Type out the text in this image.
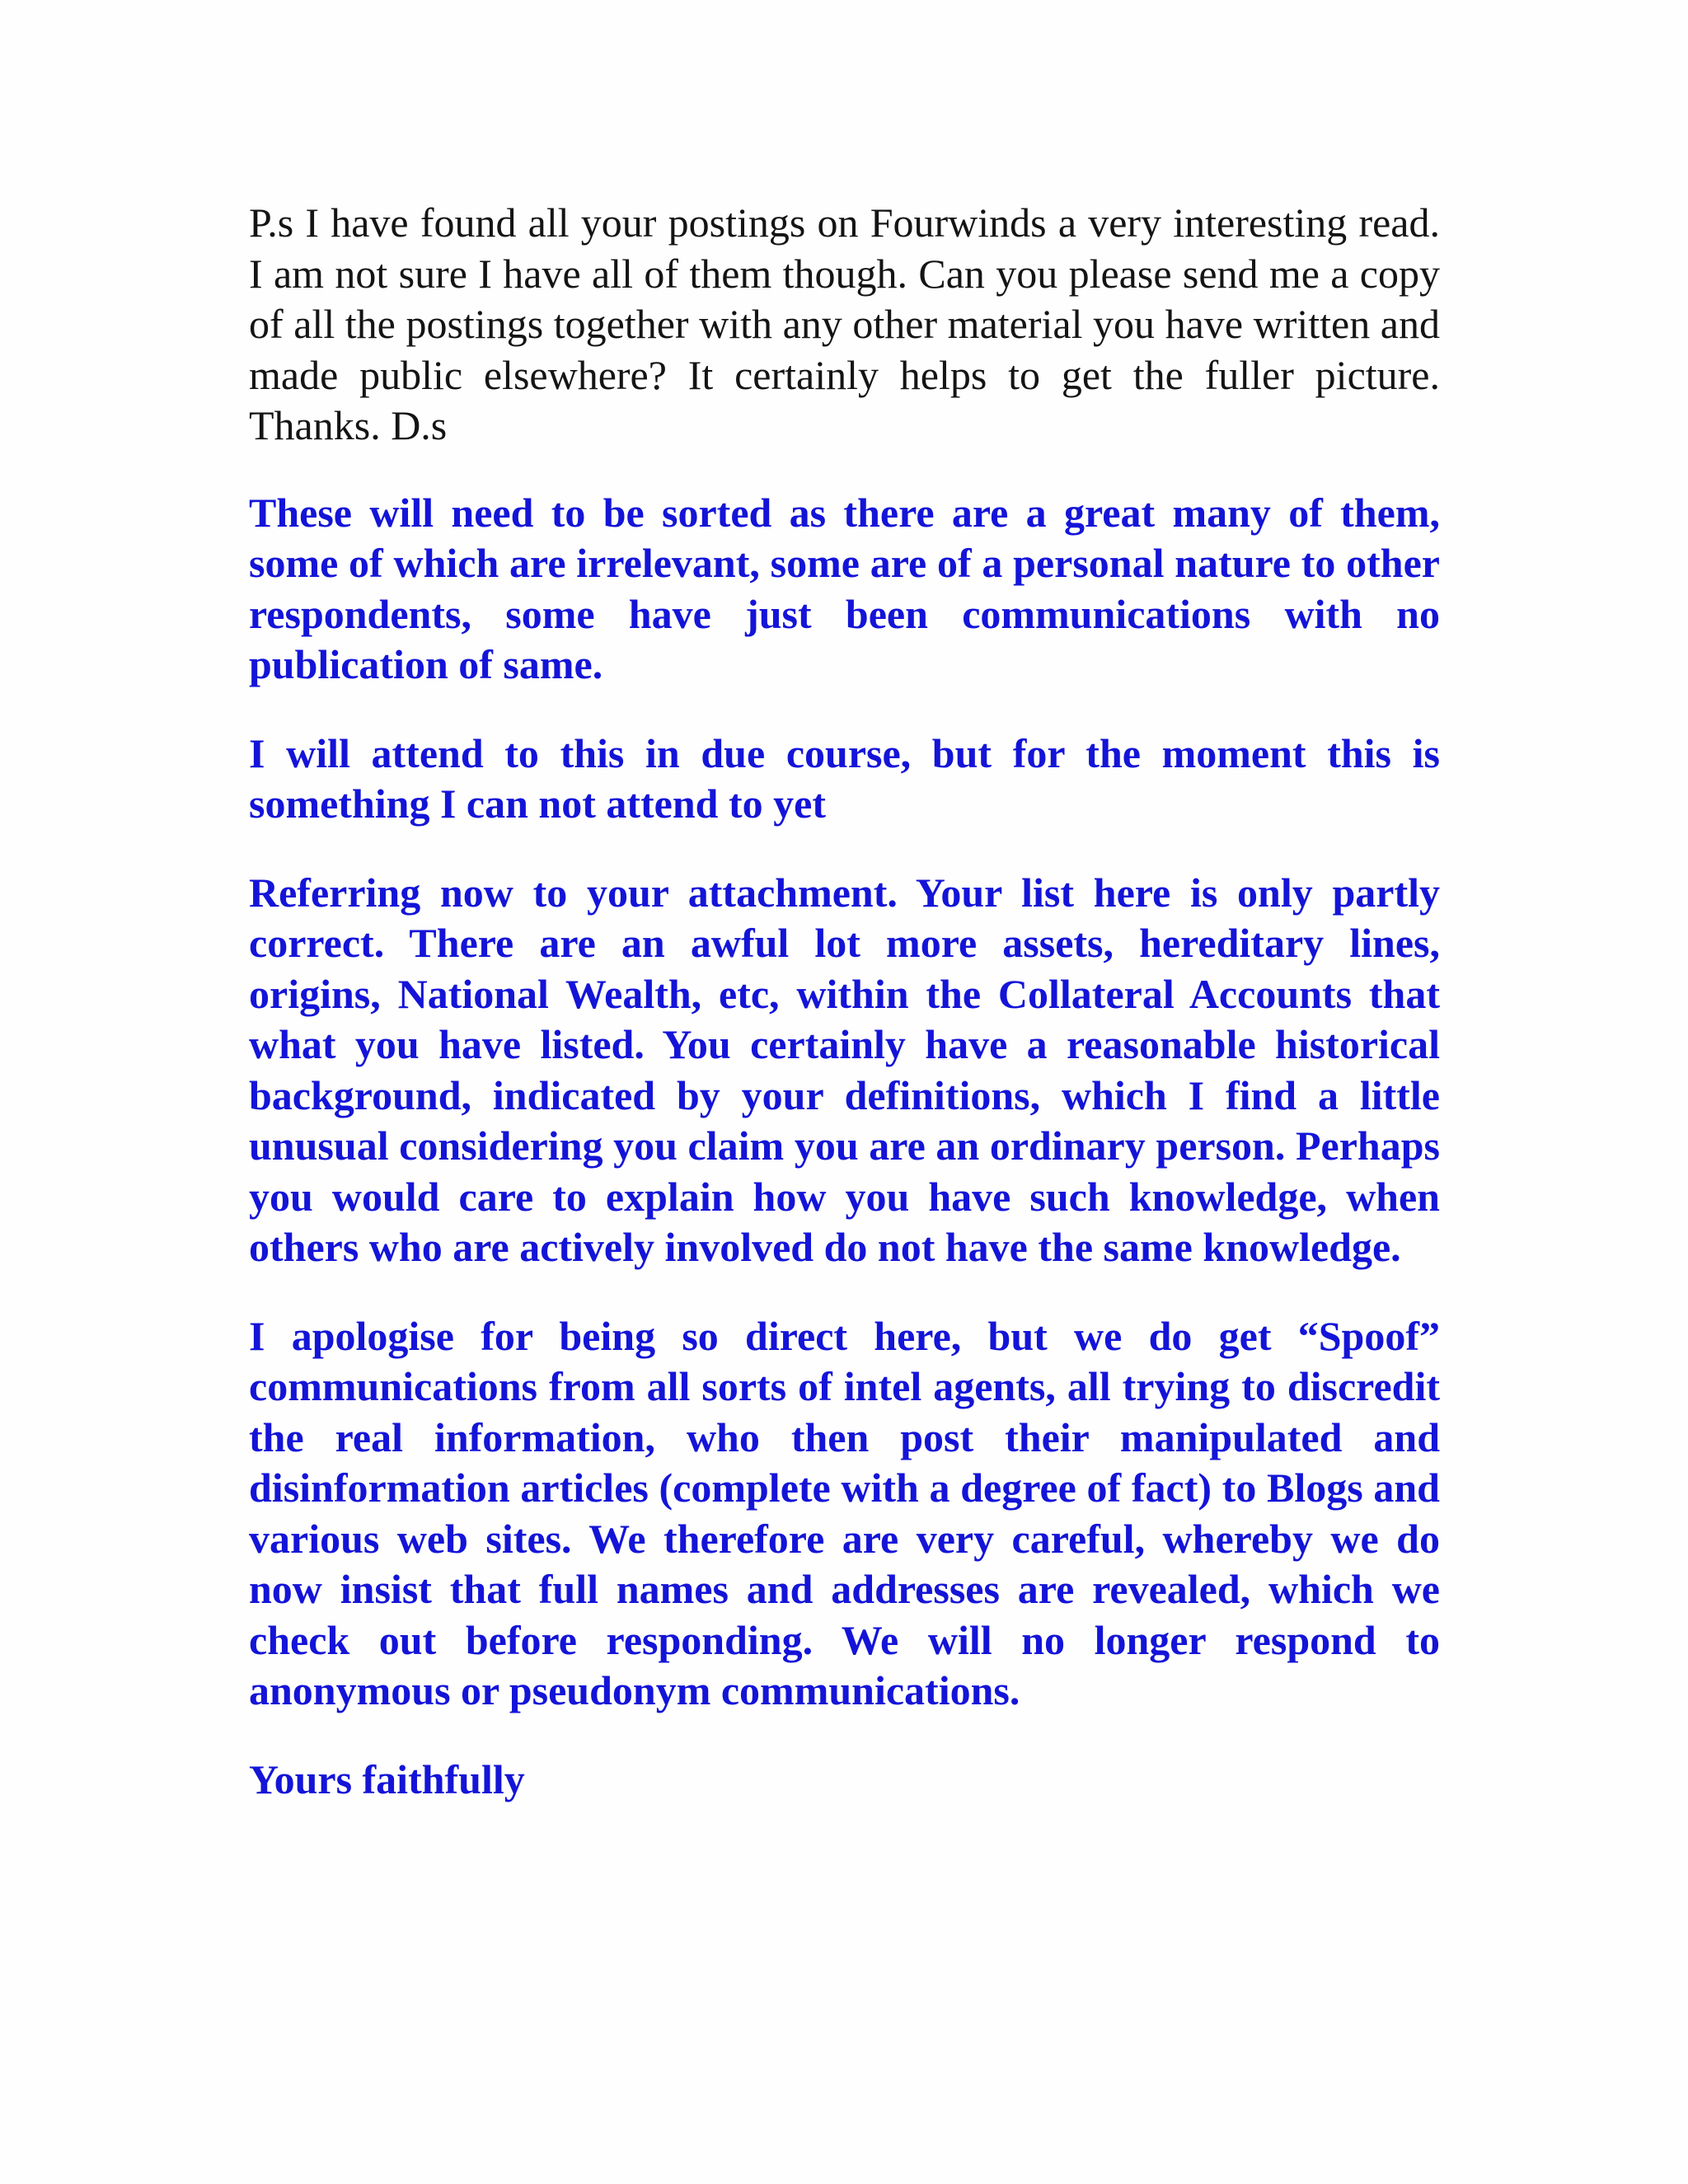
P.s I have found all your postings on Fourwinds a very interesting read. I am not sure I have all of them though. Can you please send me a copy of all the postings together with any other material you have written and made public elsewhere? It certainly helps to get the fuller picture. Thanks. D.s

These will need to be sorted as there are a great many of them, some of which are irrelevant, some are of a personal nature to other respondents, some have just been communications with no publication of same.

I will attend to this in due course, but for the moment this is something I can not attend to yet

Referring now to your attachment. Your list here is only partly correct. There are an awful lot more assets, hereditary lines, origins, National Wealth, etc, within the Collateral Accounts that what you have listed. You certainly have a reasonable historical background, indicated by your definitions, which I find a little unusual considering you claim you are an ordinary person. Perhaps you would care to explain how you have such knowledge, when others who are actively involved do not have the same knowledge.

I apologise for being so direct here, but we do get “Spoof” communications from all sorts of intel agents, all trying to discredit the real information, who then post their manipulated and disinformation articles (complete with a degree of fact) to Blogs and various web sites. We therefore are very careful, whereby we do now insist that full names and addresses are revealed, which we check out before responding. We will no longer respond to anonymous or pseudonym communications.

Yours faithfully
